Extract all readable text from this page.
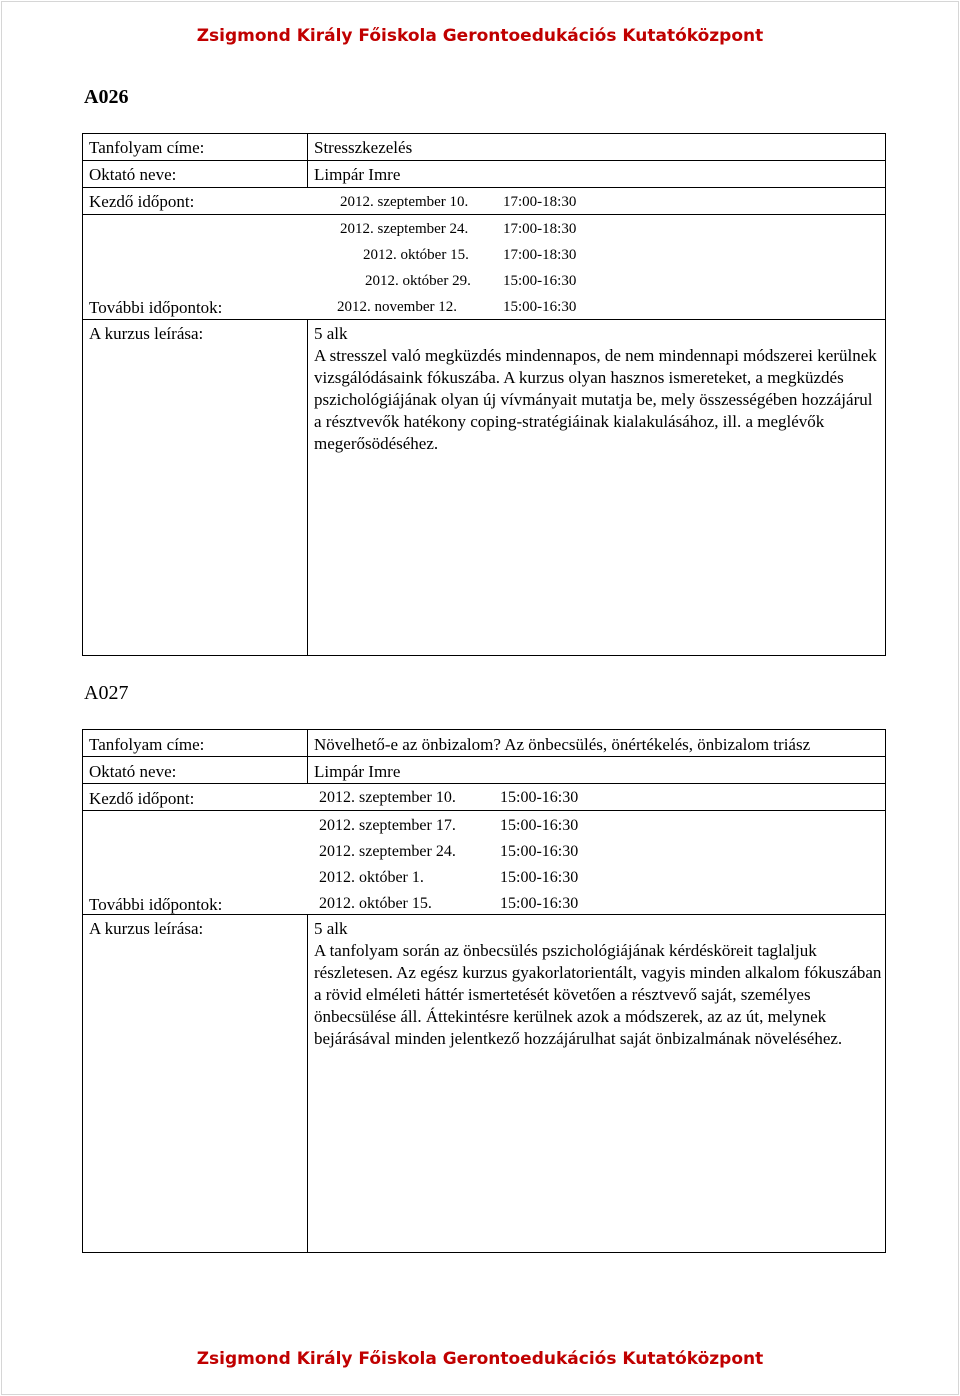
Zsigmond Király Főiskola Gerontoedukációs Kutatóközpont
A026
Tanfolyam címe:	Stresszkezelés
Oktató neve:	Limpár Imre
Kezdő időpont:	2012. szeptember 10. 17:00-18:30
2012. szeptember 24. 17:00-18:30
2012. október 15. 17:00-18:30
2012. október 29. 15:00-16:30
További időpontok:	2012. november 12.	15:00-16:30
A kurzus leírása:	5 alk

A stresszel való megküzdés mindennapos, de nem mindennapi módszerei kerülnek vizsgálódásaink fókuszába. A kurzus olyan hasznos ismereteket, a megküzdés pszichológiájának olyan új vívmányait mutatja be, mely összességében hozzájárul a résztvevők hatékony coping-stratégiáinak kialakulásához, ill. a meglévők megerősödéséhez.

A027
Tanfolyam címe:	Növelhető-e az önbizalom? Az önbecsülés, önértékelés, önbizalom triász
Oktató neve:	Limpár Imre
Kezdő időpont:	2012. szeptember 10.	15:00-16:30
2012. szeptember 17.	15:00-16:30
2012. szeptember 24.	15:00-16:30
2012. október 1.	15:00-16:30
További időpontok:	2012. október 15.	15:00-16:30
A kurzus leírása:	5 alk

A tanfolyam során az önbecsülés pszichológiájának kérdésköreit taglaljuk részletesen. Az egész kurzus gyakorlatorientált, vagyis minden alkalom fókuszában a rövid elméleti háttér ismertetését követően a résztvevő saját, személyes önbecsülése áll. Áttekintésre kerülnek azok a módszerek, az az út, melynek bejárásával minden jelentkező hozzájárulhat saját önbizalmának növeléséhez.

Zsigmond Király Főiskola Gerontoedukációs Kutatóközpont
